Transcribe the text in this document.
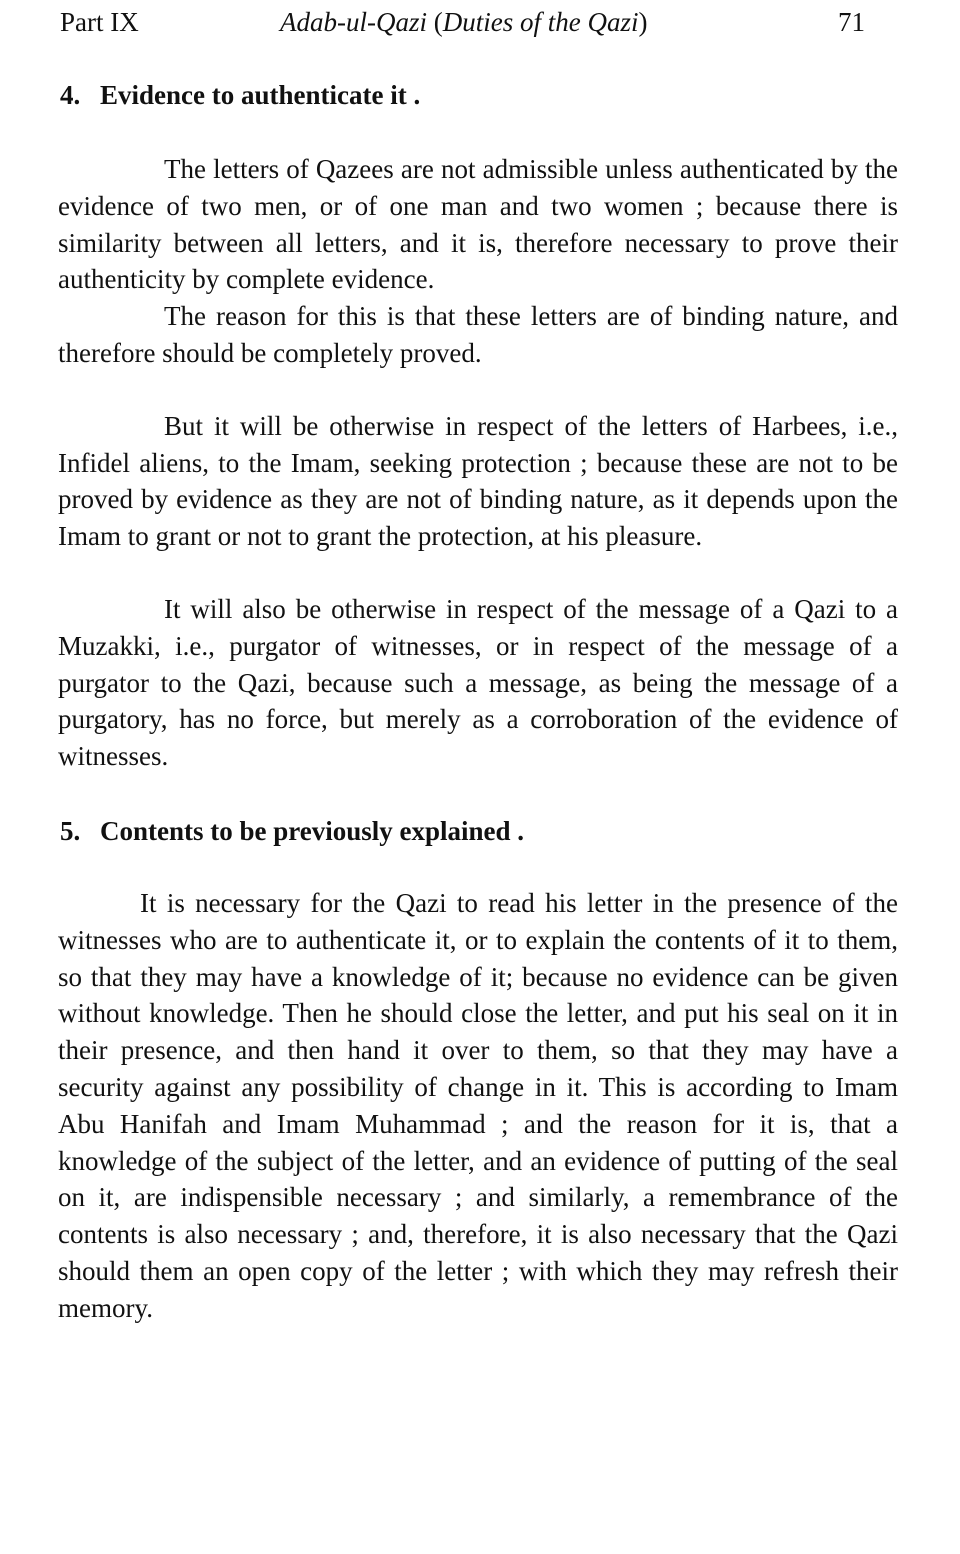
Part IX	Adab-ul-Qazi (Duties of the Qazi)	71
4. Evidence to authenticate it .

The letters of Qazees are not admissible unless authenticated by the evidence of two men, or of one man and two women ; because there is similarity between all letters, and it is, therefore necessary to prove their authenticity by complete evidence.

The reason for this is that these letters are of binding nature, and therefore should be completely proved.

But it will be otherwise in respect of the letters of Harbees, i.e., Infidel aliens, to the Imam, seeking protection ; because these are not to be proved by evidence as they are not of binding nature, as it depends upon the Imam to grant or not to grant the protection, at his pleasure.

It will also be otherwise in respect of the message of a Qazi to a Muzakki, i.e., purgator of witnesses, or in respect of the message of a purgator to the Qazi, because such a message, as being the message of a purgatory, has no force, but merely as a corroboration of the evidence of witnesses.

5. Contents to be previously explained .

It is necessary for the Qazi to read his letter in the presence of the witnesses who are to authenticate it, or to explain the contents of it to them, so that they may have a knowledge of it; because no evidence can be given without knowledge. Then he should close the letter, and put his seal on it in their presence, and then hand it over to them, so that they may have a security against any possibility of change in it. This is according to Imam Abu Hanifah and Imam Muhammad ; and the reason for it is, that a knowledge of the subject of the letter, and an evidence of putting of the seal on it, are indispensible necessary ; and similarly, a remembrance of the contents is also necessary ; and, therefore, it is also necessary that the Qazi should them an open copy of the letter ; with which they may refresh their memory.
